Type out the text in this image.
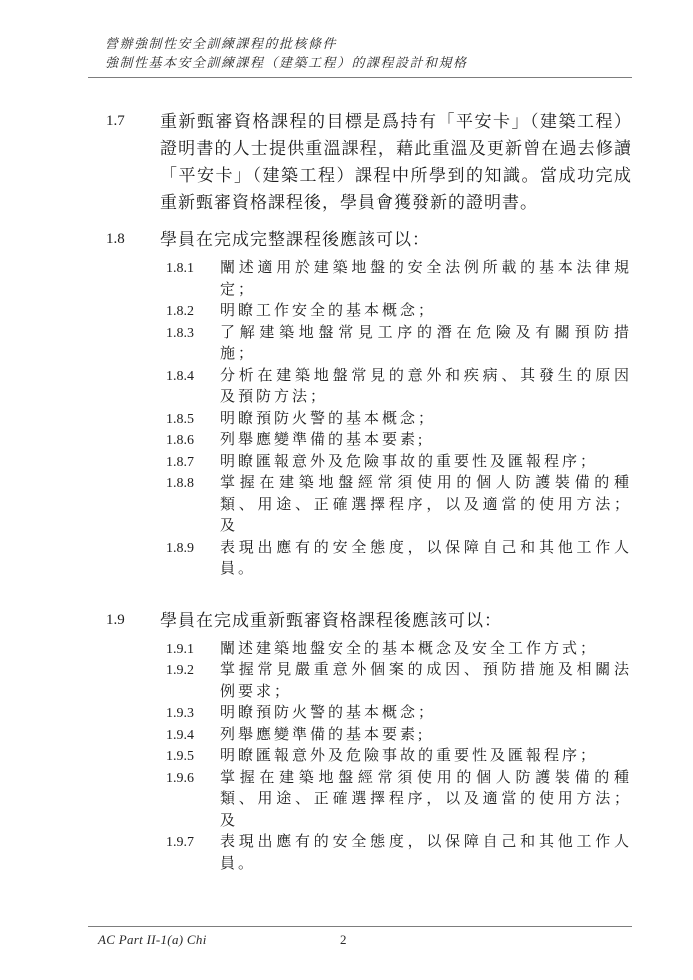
營辦強制性安全訓練課程的批核條件
強制性基本安全訓練課程（建築工程）的課程設計和規格
1.7	重新甄審資格課程的目標是爲持有「平安卡」（建築工程）證明書的人士提供重溫課程，藉此重溫及更新曾在過去修讀「平安卡」（建築工程）課程中所學到的知識。當成功完成重新甄審資格課程後，學員會獲發新的證明書。
1.8	學員在完成完整課程後應該可以：
1.8.1	闡述適用於建築地盤的安全法例所載的基本法律規定；
1.8.2	明瞭工作安全的基本概念；
1.8.3	了解建築地盤常見工序的潛在危險及有關預防措施；
1.8.4	分析在建築地盤常見的意外和疾病、其發生的原因及預防方法；
1.8.5	明瞭預防火警的基本概念；
1.8.6	列舉應變準備的基本要素;
1.8.7	明瞭匯報意外及危險事故的重要性及匯報程序；
1.8.8	掌握在建築地盤經常須使用的個人防護裝備的種類、用途、正確選擇程序，以及適當的使用方法；及
1.8.9	表現出應有的安全態度，以保障自己和其他工作人員。
1.9	學員在完成重新甄審資格課程後應該可以：
1.9.1	闡述建築地盤安全的基本概念及安全工作方式；
1.9.2	掌握常見嚴重意外個案的成因、預防措施及相關法例要求；
1.9.3	明瞭預防火警的基本概念；
1.9.4	列舉應變準備的基本要素;
1.9.5	明瞭匯報意外及危險事故的重要性及匯報程序；
1.9.6	掌握在建築地盤經常須使用的個人防護裝備的種類、用途、正確選擇程序，以及適當的使用方法；及
1.9.7	表現出應有的安全態度，以保障自己和其他工作人員。
AC Part II-1(a) Chi	2
